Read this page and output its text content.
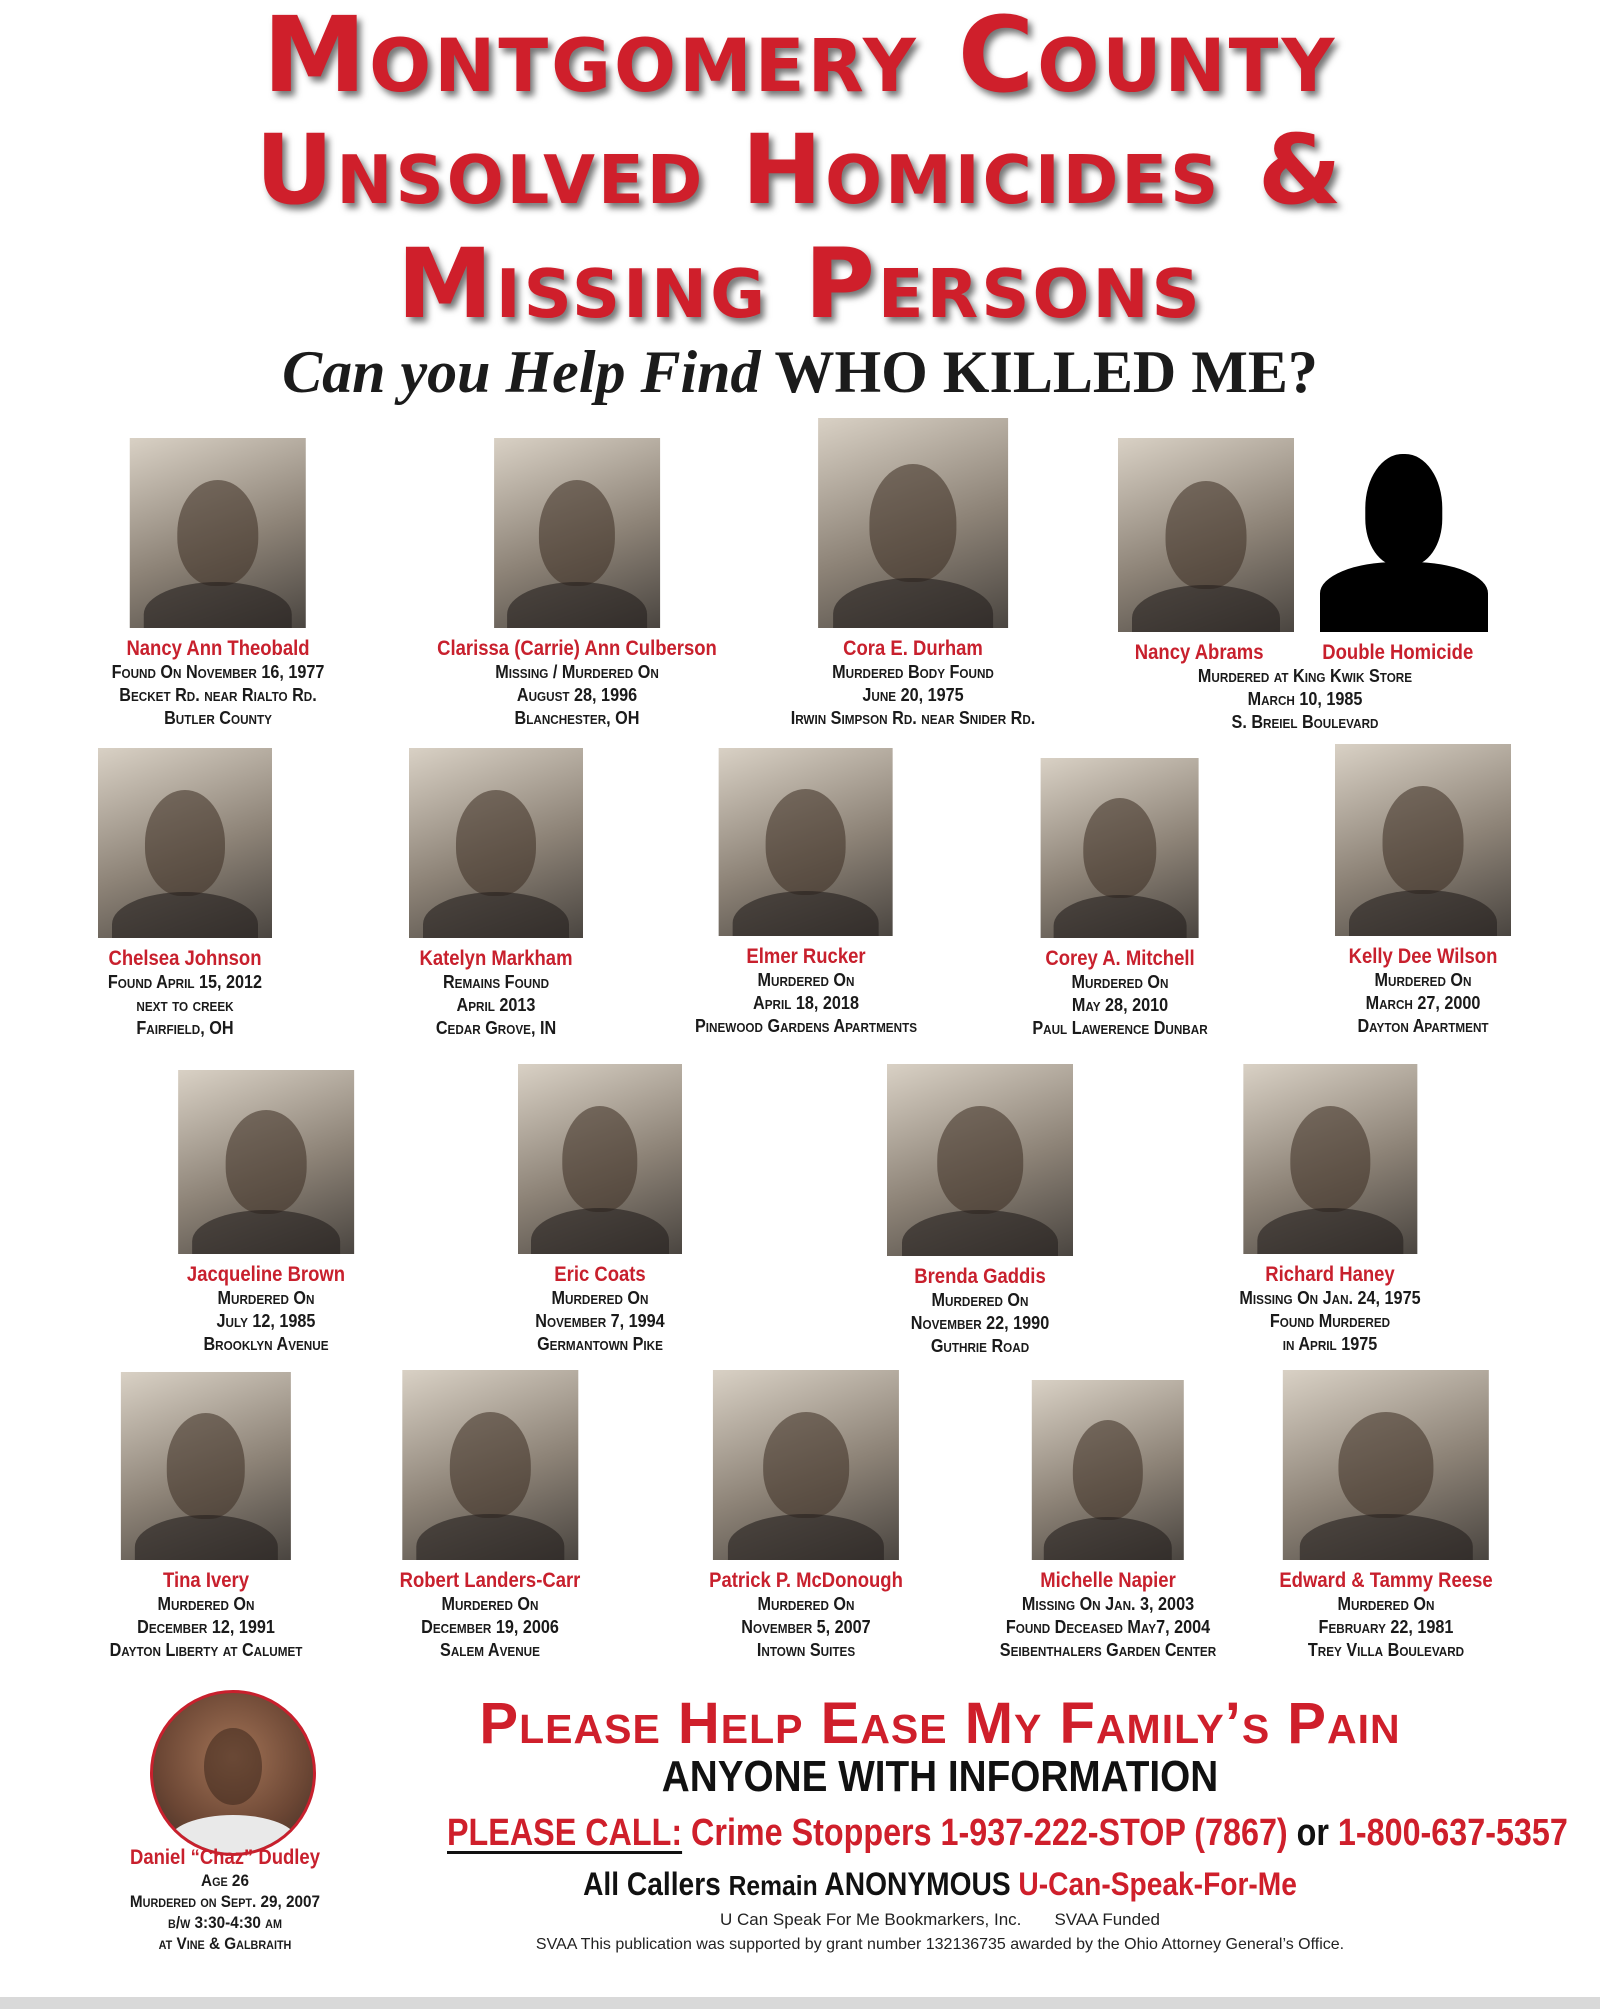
Montgomery County
Unsolved Homicides &
Missing Persons
Can you Help Find WHO KILLED ME?
Nancy Ann Theobald
Found On November 16, 1977
Becket Rd. near Rialto Rd.
Butler County
Clarissa (Carrie) Ann Culberson
Missing / Murdered On
August 28, 1996
Blanchester, OH
Cora E. Durham
Murdered Body Found
June 20, 1975
Irwin Simpson Rd. near Snider Rd.
Nancy Abrams	Double Homicide
Murdered at King Kwik Store
March 10, 1985
S. Breiel Boulevard
Chelsea Johnson
Found April 15, 2012
next to creek
Fairfield, OH
Katelyn Markham
Remains Found
April 2013
Cedar Grove, IN
Elmer Rucker
Murdered On
April 18, 2018
Pinewood Gardens Apartments
Corey A. Mitchell
Murdered On
May 28, 2010
Paul Lawerence Dunbar
Kelly Dee Wilson
Murdered On
March 27, 2000
Dayton Apartment
Jacqueline Brown
Murdered On
July 12, 1985
Brooklyn Avenue
Eric Coats
Murdered On
November 7, 1994
Germantown Pike
Brenda Gaddis
Murdered On
November 22, 1990
Guthrie Road
Richard Haney
Missing On Jan. 24, 1975
Found Murdered
in April 1975
Tina Ivery
Murdered On
December 12, 1991
Dayton Liberty at Calumet
Robert Landers-Carr
Murdered On
December 19, 2006
Salem Avenue
Patrick P. McDonough
Murdered On
November 5, 2007
Intown Suites
Michelle Napier
Missing On Jan. 3, 2003
Found Deceased May7, 2004
Seibenthalers Garden Center
Edward & Tammy Reese
Murdered On
February 22, 1981
Trey Villa Boulevard
Daniel “Chaz” Dudley
Age 26
Murdered on Sept. 29, 2007
b/w 3:30-4:30 am
at Vine & Galbraith
Please Help Ease My Family’s Pain
ANYONE WITH INFORMATION
PLEASE CALL: Crime Stoppers 1-937-222-STOP (7867) or 1-800-637-5357
All Callers Remain ANONYMOUS U-Can-Speak-For-Me
U Can Speak For Me Bookmarkers, Inc. SVAA Funded
SVAA This publication was supported by grant number 132136735 awarded by the Ohio Attorney General’s Office.
